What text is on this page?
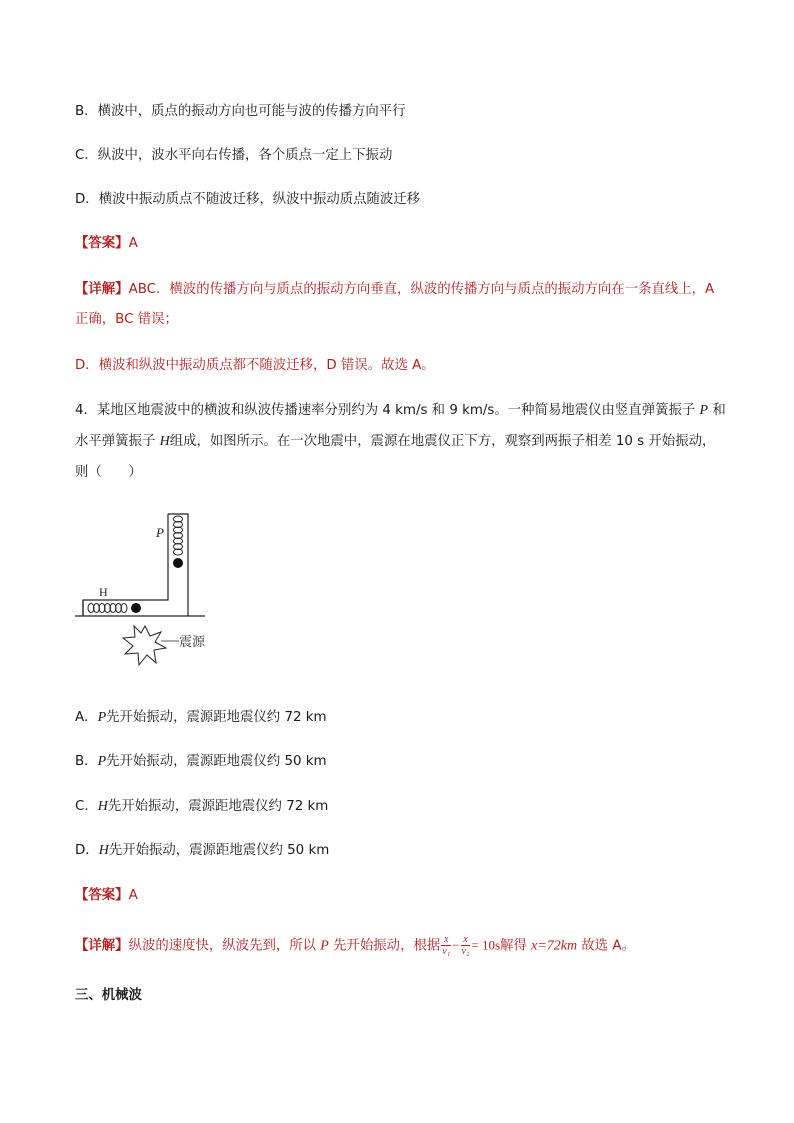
B．横波中，质点的振动方向也可能与波的传播方向平行
C．纵波中，波水平向右传播，各个质点一定上下振动
D．横波中振动质点不随波迁移，纵波中振动质点随波迁移
【答案】A
【详解】ABC．横波的传播方向与质点的振动方向垂直，纵波的传播方向与质点的振动方向在一条直线上，A
正确，BC 错误；
D．横波和纵波中振动质点都不随波迁移，D 错误。故选 A。
4．某地区地震波中的横波和纵波传播速率分别约为 4 km/s 和 9 km/s。一种简易地震仪由竖直弹簧振子 P 和
水平弹簧振子 H组成，如图所示。在一次地震中，震源在地震仪正下方，观察到两振子相差 10 s 开始振动，
则（　　）
P
H
震源
A．P先开始振动，震源距地震仪约 72 km
B．P先开始振动，震源距地震仪约 50 km
C．H先开始振动，震源距地震仪约 72 km
D．H先开始振动，震源距地震仪约 50 km
【答案】A
【详解】纵波的速度快，纵波先到，所以 P 先开始振动，根据 $\frac{x}{\text{v₁}} - \frac{x}{\text{v₂}} = 10s$解得 x=72km 故选 A。
三、机械波
